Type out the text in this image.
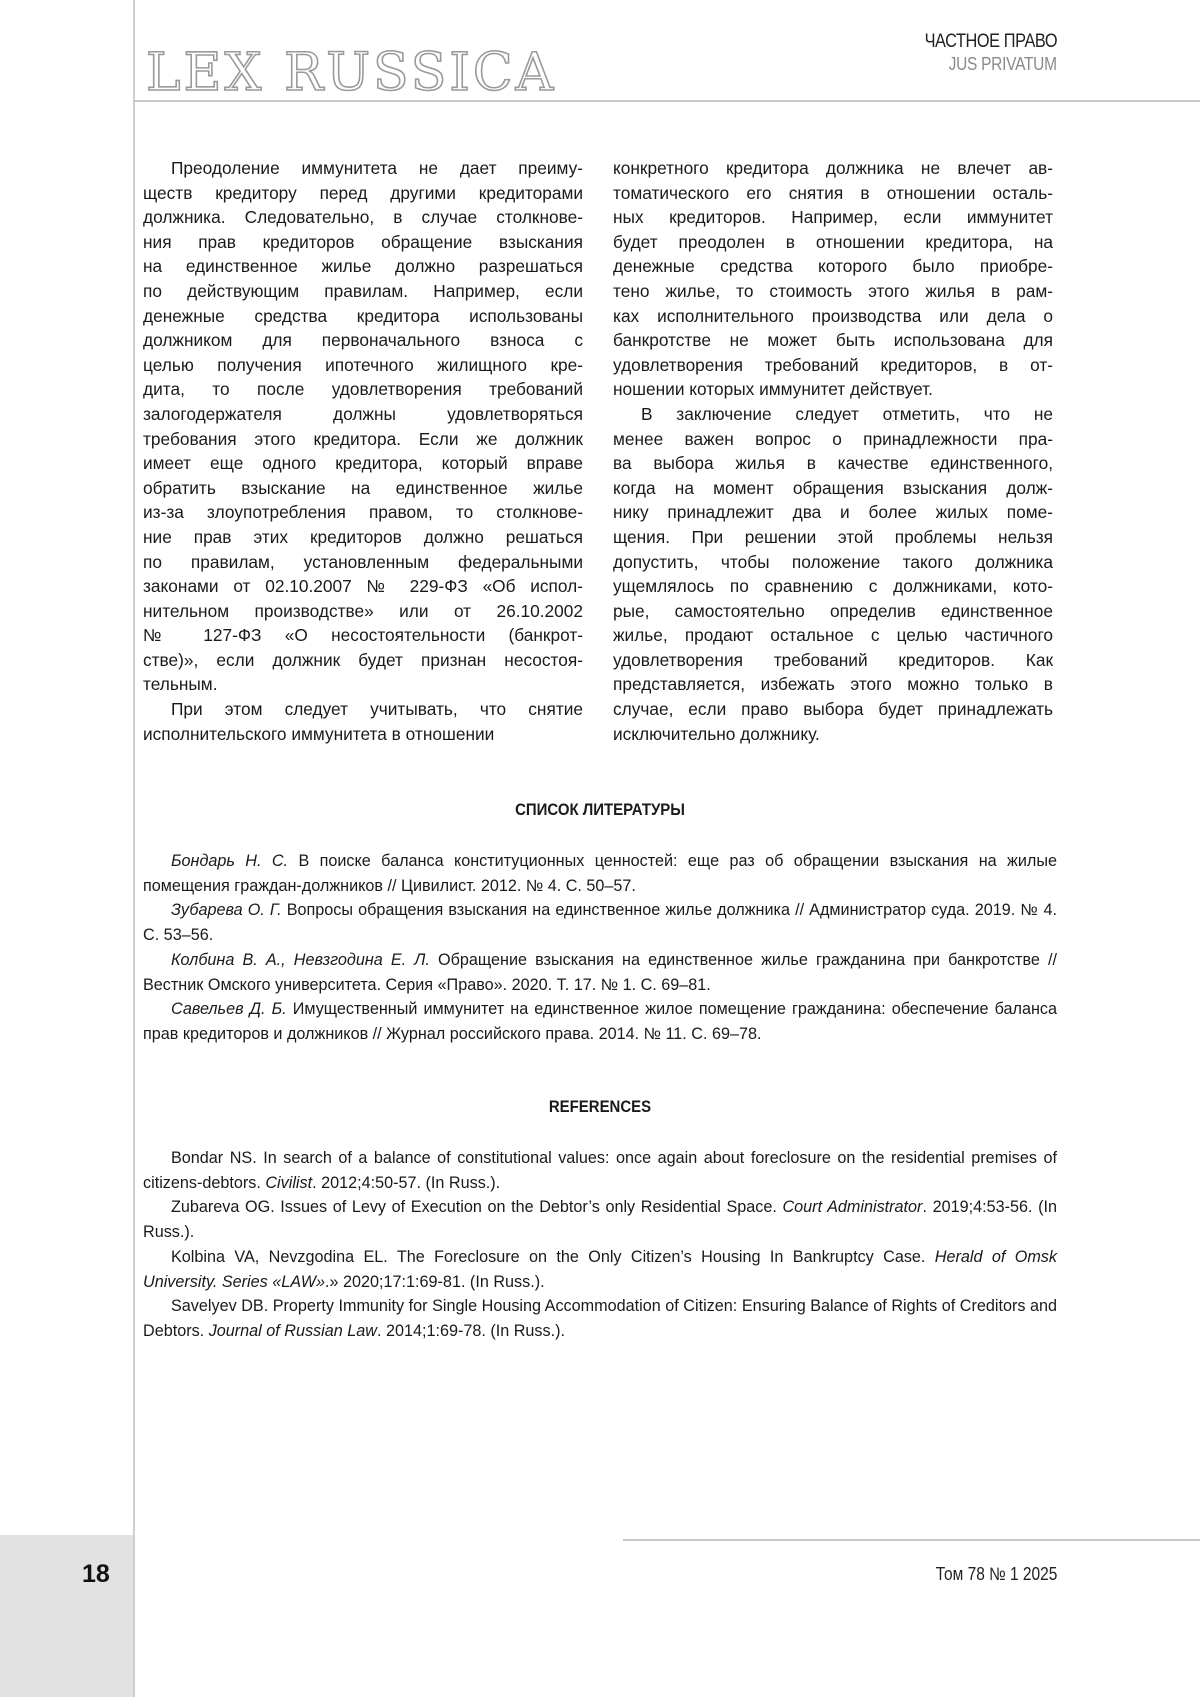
LEX RUSSICA
ЧАСТНОЕ ПРАВО
JUS PRIVATUM
Преодоление иммунитета не дает преиму-
ществ кредитору перед другими кредиторами
должника. Следовательно, в случае столкнове-
ния прав кредиторов обращение взыскания
на единственное жилье должно разрешаться
по действующим правилам. Например, если
денежные средства кредитора использованы
должником для первоначального взноса с
целью получения ипотечного жилищного кре-
дита, то после удовлетворения требований
залогодержателя должны удовлетворяться
требования этого кредитора. Если же должник
имеет еще одного кредитора, который вправе
обратить взыскание на единственное жилье
из-за злоупотребления правом, то столкнове-
ние прав этих кредиторов должно решаться
по правилам, установленным федеральными
законами от 02.10.2007 № 229-ФЗ «Об испол-
нительном производстве» или от 26.10.2002
№ 127-ФЗ «О несостоятельности (банкрот-
стве)», если должник будет признан несостоя-
тельным.
При этом следует учитывать, что снятие
исполнительского иммунитета в отношении
конкретного кредитора должника не влечет ав-
томатического его снятия в отношении осталь-
ных кредиторов. Например, если иммунитет
будет преодолен в отношении кредитора, на
денежные средства которого было приобре-
тено жилье, то стоимость этого жилья в рам-
ках исполнительного производства или дела о
банкротстве не может быть использована для
удовлетворения требований кредиторов, в от-
ношении которых иммунитет действует.
В заключение следует отметить, что не
менее важен вопрос о принадлежности пра-
ва выбора жилья в качестве единственного,
когда на момент обращения взыскания долж-
нику принадлежит два и более жилых поме-
щения. При решении этой проблемы нельзя
допустить, чтобы положение такого должника
ущемлялось по сравнению с должниками, кото-
рые, самостоятельно определив единственное
жилье, продают остальное с целью частичного
удовлетворения требований кредиторов. Как
представляется, избежать этого можно только в
случае, если право выбора будет принадлежать
исключительно должнику.
СПИСОК ЛИТЕРАТУРЫ

Бондарь Н. С. В поиске баланса конституционных ценностей: еще раз об обращении взыскания на жилые помещения граждан-должников // Цивилист. 2012. № 4. С. 50–57.

Зубарева О. Г. Вопросы обращения взыскания на единственное жилье должника // Администратор суда. 2019. № 4. С. 53–56.

Колбина В. А., Невзгодина Е. Л. Обращение взыскания на единственное жилье гражданина при банкротстве // Вестник Омского университета. Серия «Право». 2020. Т. 17. № 1. С. 69–81.

Савельев Д. Б. Имущественный иммунитет на единственное жилое помещение гражданина: обеспечение баланса прав кредиторов и должников // Журнал российского права. 2014. № 11. С. 69–78.

REFERENCES

Bondar NS. In search of a balance of constitutional values: once again about foreclosure on the residential premises of citizens-debtors. Civilist. 2012;4:50-57. (In Russ.).

Zubareva OG. Issues of Levy of Execution on the Debtor’s only Residential Space. Court Administrator. 2019;4:53-56. (In Russ.).

Kolbina VA, Nevzgodina EL. The Foreclosure on the Only Citizen’s Housing In Bankruptcy Case. Herald of Omsk University. Series «LAW».» 2020;17:1:69-81. (In Russ.).

Savelyev DB. Property Immunity for Single Housing Accommodation of Citizen: Ensuring Balance of Rights of Creditors and Debtors. Journal of Russian Law. 2014;1:69-78. (In Russ.).

18	Том 78 № 1 2025
